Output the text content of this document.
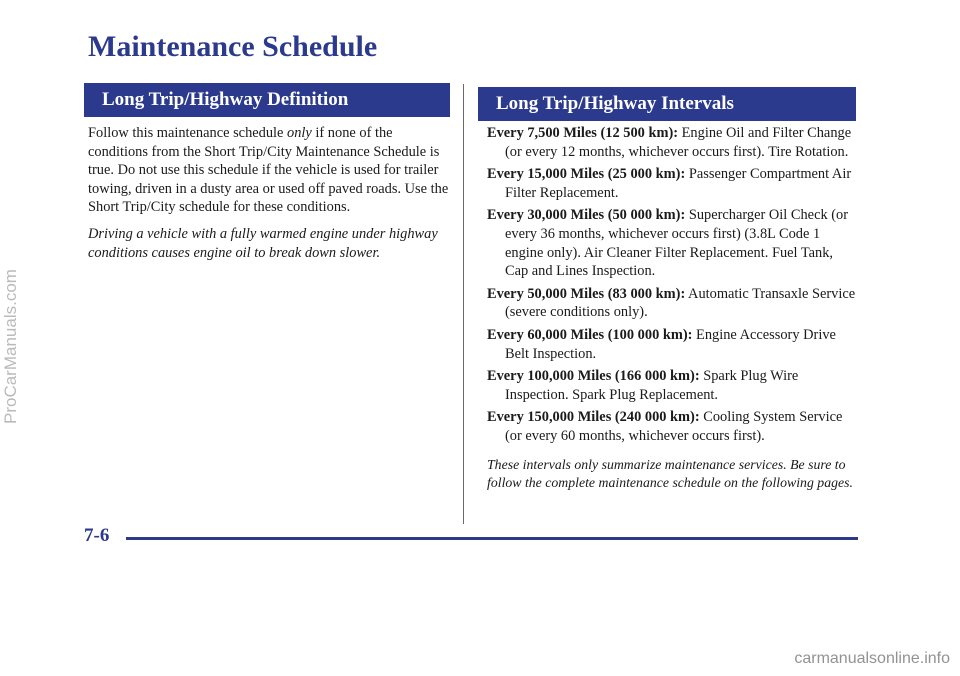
Maintenance Schedule
Long Trip/Highway Definition	Long Trip/Highway Intervals

Follow this maintenance schedule only if none of the conditions from the Short Trip/City Maintenance Schedule is true. Do not use this schedule if the vehicle is used for trailer towing, driven in a dusty area or used off paved roads. Use the Short Trip/City schedule for these conditions.

Driving a vehicle with a fully warmed engine under highway conditions causes engine oil to break down slower.

Every 7,500 Miles (12 500 km): Engine Oil and Filter Change (or every 12 months, whichever occurs first). Tire Rotation.

Every 15,000 Miles (25 000 km): Passenger Compartment Air Filter Replacement.

Every 30,000 Miles (50 000 km): Supercharger Oil Check (or every 36 months, whichever occurs first) (3.8L Code 1 engine only). Air Cleaner Filter Replacement. Fuel Tank, Cap and Lines Inspection.

Every 50,000 Miles (83 000 km): Automatic Transaxle Service (severe conditions only).

Every 60,000 Miles (100 000 km): Engine Accessory Drive Belt Inspection.

Every 100,000 Miles (166 000 km): Spark Plug Wire Inspection. Spark Plug Replacement.

Every 150,000 Miles (240 000 km): Cooling System Service (or every 60 months, whichever occurs first).

These intervals only summarize maintenance services. Be sure to follow the complete maintenance schedule on the following pages.

7-6
ProCarManuals.com
carmanualsonline.info
